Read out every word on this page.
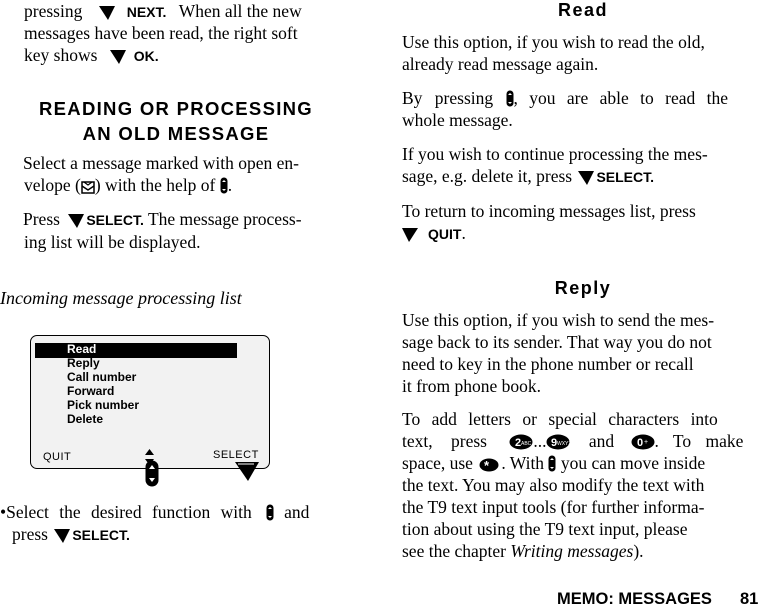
pressing	NEXT. When all the new

messages have been read, the right soft

key shows	OK.

READING OR PROCESSING
AN OLD MESSAGE

Select a message marked with open en-
velope ( ) with the help of .

Press SELECT. The message process-
ing list will be displayed.

Incoming message processing list

Read
Reply
Call number
Forward
Pick number
Delete
QUIT	SELECT

•Select the desired function with and

press SELECT.

Read

Use this option, if you wish to read the old,

already read message again.

By pressing , you are able to read the

whole message.

If you wish to continue processing the mes-

sage, e.g. delete it, press SELECT.

To return to incoming messages list, press

QUIT.

Reply

Use this option, if you wish to send the mes-

sage back to its sender. That way you do not

need to key in the phone number or recall

it from phone book.

To add letters or special characters into

text, press	2 ABC ... 9 WXYZ and 0 + . To make

space, use * . With you can move inside

the text. You may also modify the text with

the T9 text input tools (for further informa-

tion about using the T9 text input, please

see the chapter Writing messages).

MEMO: MESSAGES 81
